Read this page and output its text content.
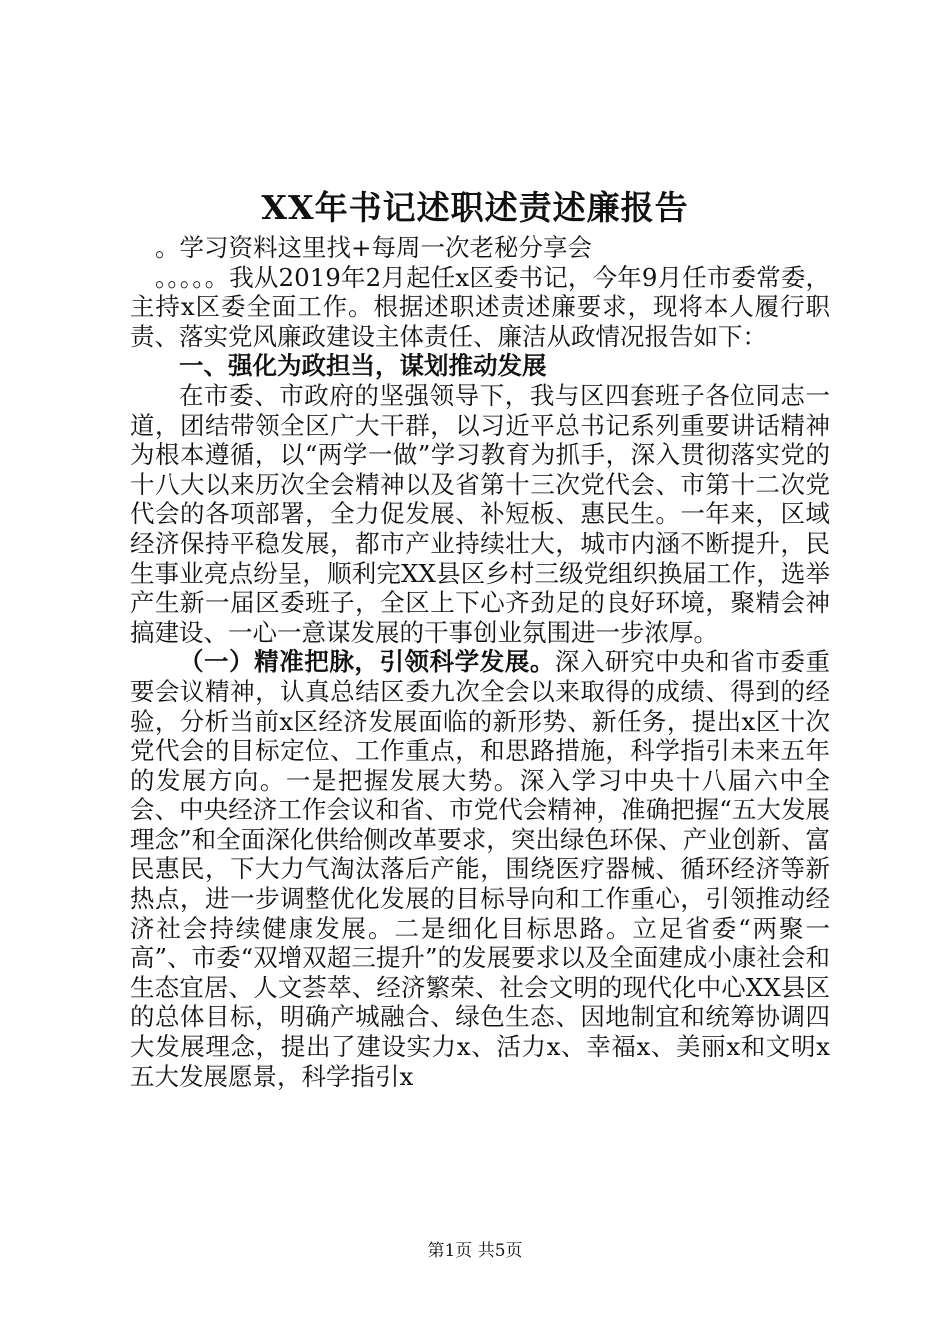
XX年书记述职述责述廉报告

。学习资料这里找+每周一次老秘分享会

。。。。。我从2019年2月起任x区委书记，今年9月任市委常委，主持x区委全面工作。根据述职述责述廉要求，现将本人履行职责、落实党风廉政建设主体责任、廉洁从政情况报告如下：

一、强化为政担当，谋划推动发展

在市委、市政府的坚强领导下，我与区四套班子各位同志一道，团结带领全区广大干群，以习近平总书记系列重要讲话精神为根本遵循，以“两学一做”学习教育为抓手，深入贯彻落实党的十八大以来历次全会精神以及省第十三次党代会、市第十二次党代会的各项部署，全力促发展、补短板、惠民生。一年来，区域经济保持平稳发展，都市产业持续壮大，城市内涵不断提升，民生事业亮点纷呈，顺利完XX县区乡村三级党组织换届工作，选举产生新一届区委班子，全区上下心齐劲足的良好环境，聚精会神搞建设、一心一意谋发展的干事创业氛围进一步浓厚。

（一）精准把脉，引领科学发展。深入研究中央和省市委重要会议精神，认真总结区委九次全会以来取得的成绩、得到的经验，分析当前x区经济发展面临的新形势、新任务，提出x区十次党代会的目标定位、工作重点，和思路措施，科学指引未来五年的发展方向。一是把握发展大势。深入学习中央十八届六中全会、中央经济工作会议和省、市党代会精神，准确把握“五大发展理念”和全面深化供给侧改革要求，突出绿色环保、产业创新、富民惠民，下大力气淘汰落后产能，围绕医疗器械、循环经济等新热点，进一步调整优化发展的目标导向和工作重心，引领推动经济社会持续健康发展。二是细化目标思路。立足省委“两聚一高”、市委“双增双超三提升”的发展要求以及全面建成小康社会和生态宜居、人文荟萃、经济繁荣、社会文明的现代化中心XX县区的总体目标，明确产城融合、绿色生态、因地制宜和统筹协调四大发展理念，提出了建设实力x、活力x、幸福x、美丽x和文明x五大发展愿景，科学指引x

第1页 共5页
